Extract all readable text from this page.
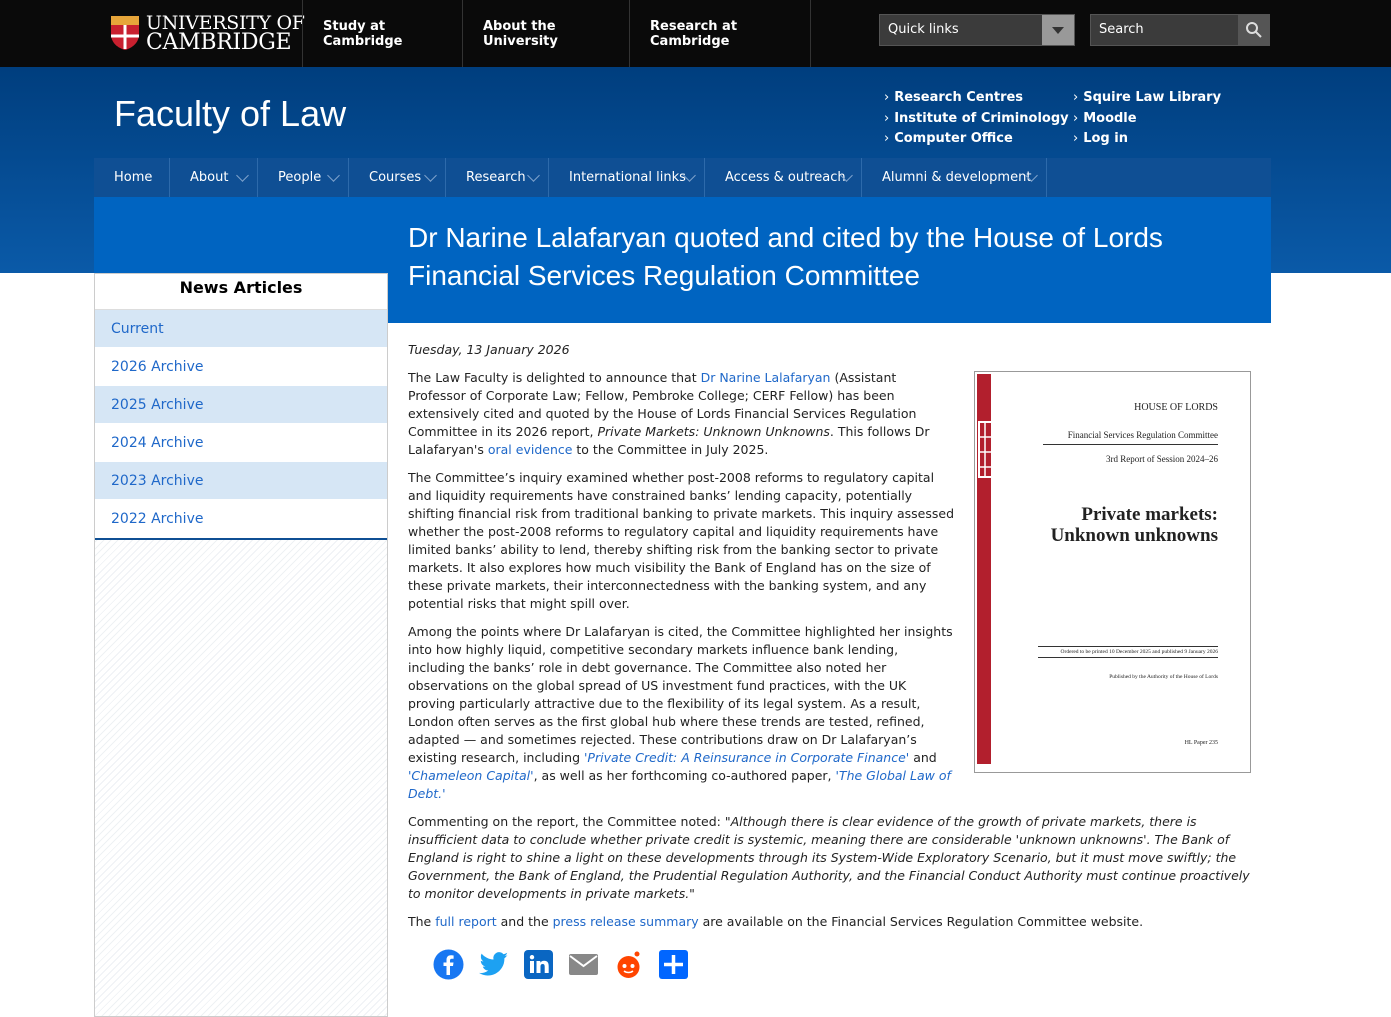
UNIVERSITY OF
CAMBRIDGE
Study at Cambridge
About the University
Research at Cambridge
Quick links	Search
Faculty of Law
›	Research Centres
› Institute of Criminology
› Computer Office
› Squire Law Library
› Moodle
› Log in
Home	About	People	Courses	Research	International links	Access & outreach	Alumni & development
Dr Narine Lalafaryan quoted and cited by the House of Lords Financial Services Regulation Committee
News Articles
Current
2026 Archive
2025 Archive
2024 Archive
2023 Archive
2022 Archive
Tuesday, 13 January 2026

The Law Faculty is delighted to announce that Dr Narine Lalafaryan (Assistant Professor of Corporate Law; Fellow, Pembroke College; CERF Fellow) has been extensively cited and quoted by the House of Lords Financial Services Regulation Committee in its 2026 report, Private Markets: Unknown Unknowns. This follows Dr Lalafaryan's oral evidence to the Committee in July 2025.

The Committee’s inquiry examined whether post-2008 reforms to regulatory capital and liquidity requirements have constrained banks’ lending capacity, potentially shifting financial risk from traditional banking to private markets. This inquiry assessed whether the post-2008 reforms to regulatory capital and liquidity requirements have limited banks’ ability to lend, thereby shifting risk from the banking sector to private markets. It also explores how much visibility the Bank of England has on the size of these private markets, their interconnectedness with the banking system, and any potential risks that might spill over.

Among the points where Dr Lalafaryan is cited, the Committee highlighted her insights into how highly liquid, competitive secondary markets influence bank lending, including the banks’ role in debt governance. The Committee also noted her observations on the global spread of US investment fund practices, with the UK proving particularly attractive due to the flexibility of its legal system. As a result, London often serves as the first global hub where these trends are tested, refined, adapted — and sometimes rejected. These contributions draw on Dr Lalafaryan’s existing research, including 'Private Credit: A Reinsurance in Corporate Finance' and 'Chameleon Capital', as well as her forthcoming co-authored paper, 'The Global Law of Debt.'

Commenting on the report, the Committee noted: "Although there is clear evidence of the growth of private markets, there is insufficient data to conclude whether private credit is systemic, meaning there are considerable 'unknown unknowns'. The Bank of England is right to shine a light on these developments through its System-Wide Exploratory Scenario, but it must move swiftly; the Government, the Bank of England, the Prudential Regulation Authority, and the Financial Conduct Authority must continue proactively to monitor developments in private markets."

The full report and the press release summary are available on the Financial Services Regulation Committee website.

HOUSE OF LORDS
Financial Services Regulation Committee
3rd Report of Session 2024–26
Private markets:
Unknown unknowns
Ordered to be printed 10 December 2025 and published 9 January 2026
Published by the Authority of the House of Lords
HL Paper 235
